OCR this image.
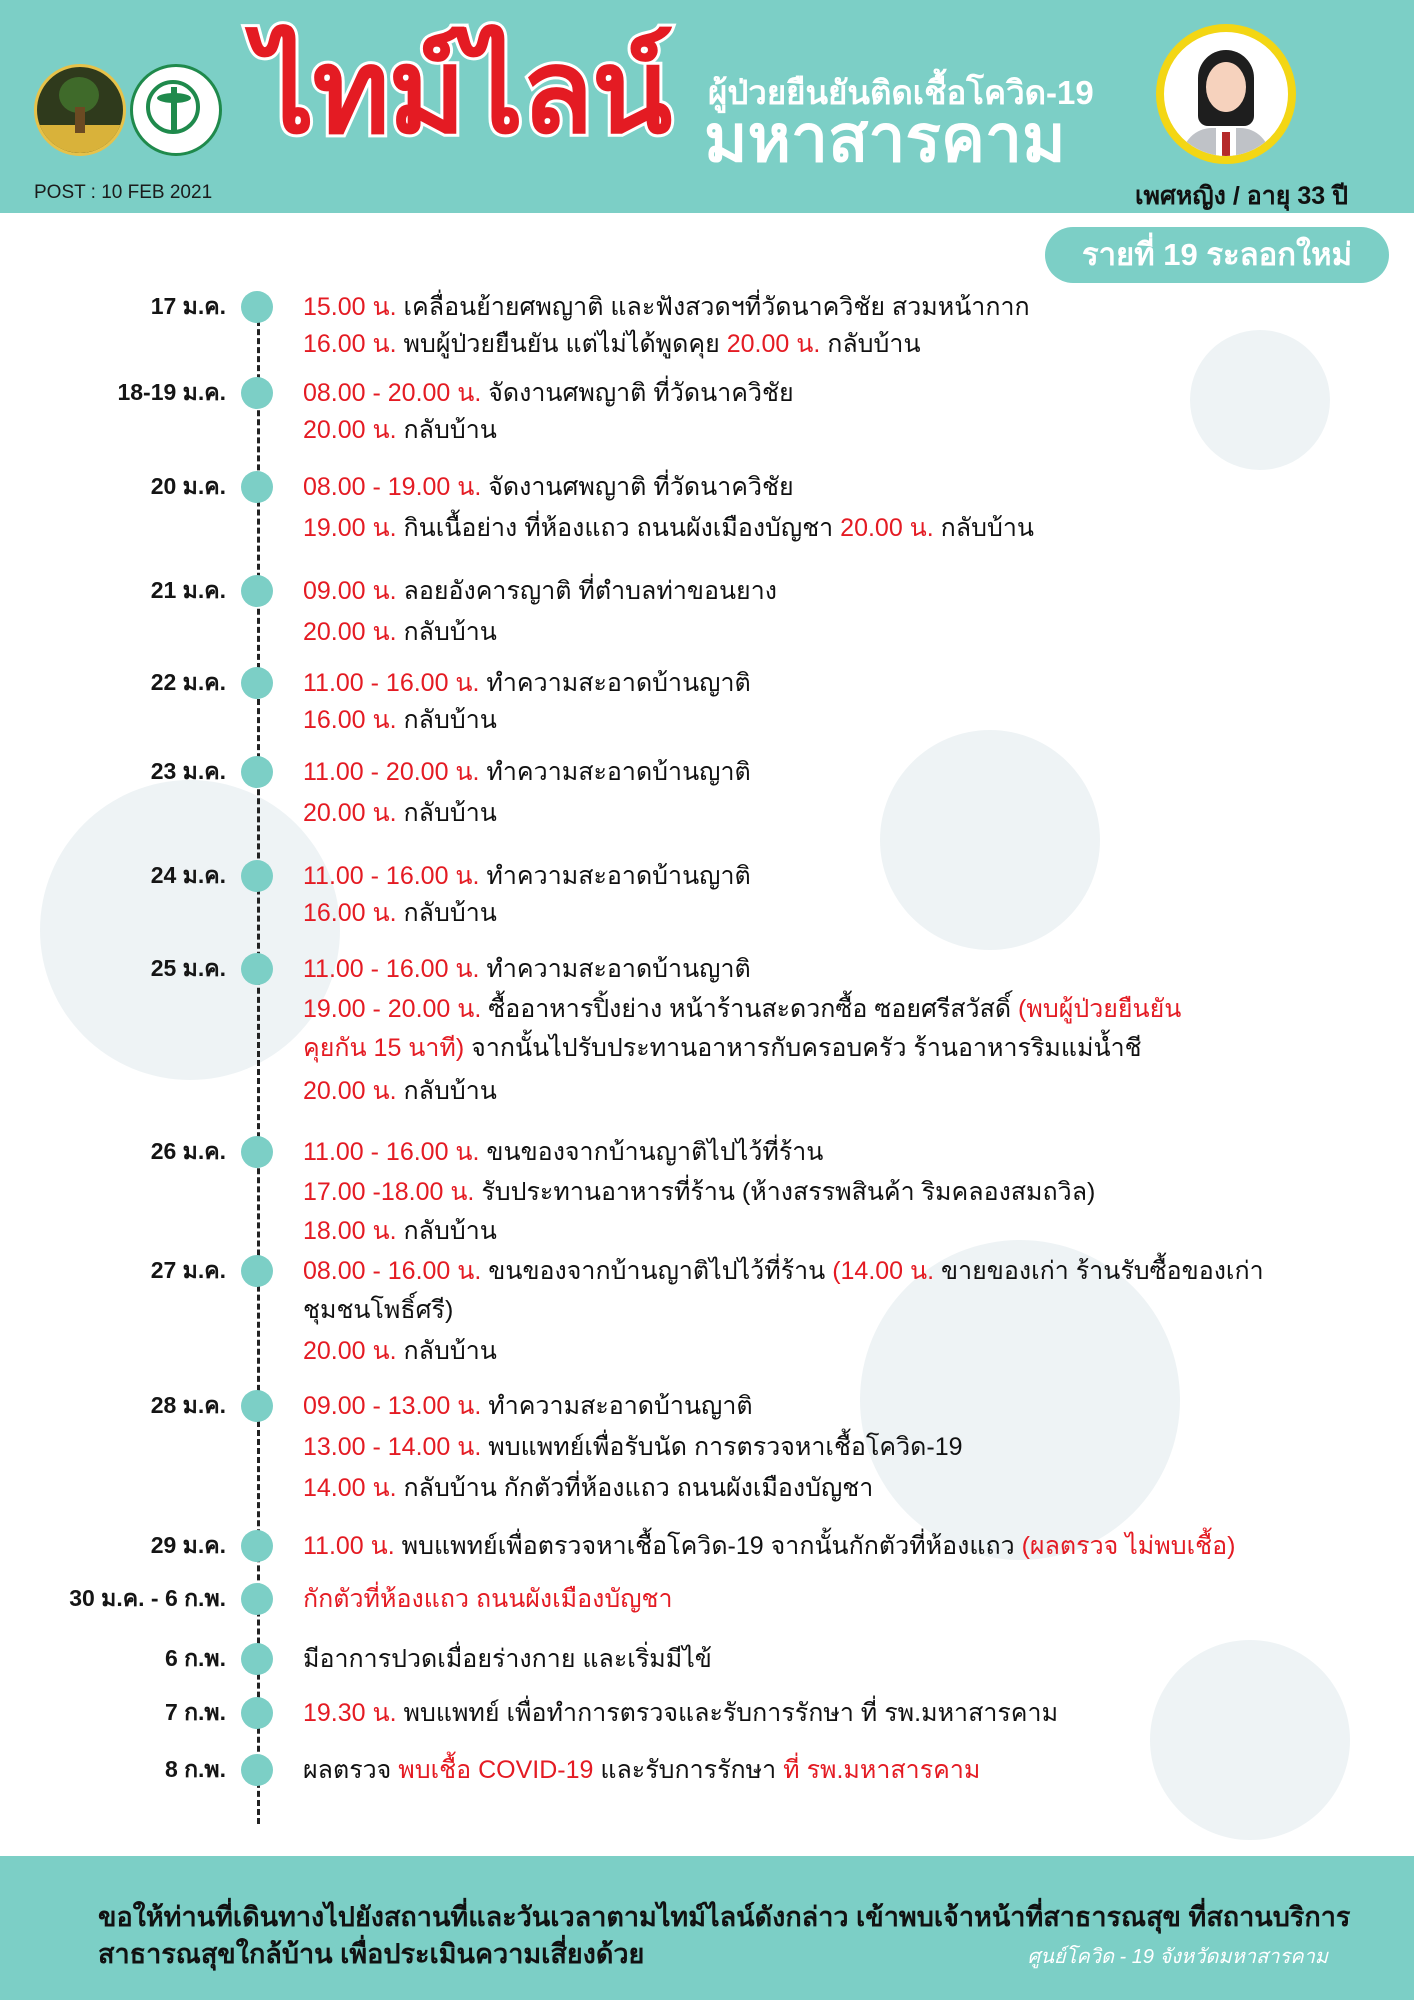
POST : 10 FEB 2021
ไทม์ไลน์ ผู้ป่วยยืนยันติดเชื้อโควิด-19
มหาสารคาม
เพศหญิง / อายุ 33 ปี
รายที่ 19 ระลอกใหม่
17 ม.ค.	15.00 น. เคลื่อนย้ายศพญาติ และฟังสวดฯที่วัดนาควิชัย สวมหน้ากาก
16.00 น. พบผู้ป่วยยืนยัน แต่ไม่ได้พูดคุย 20.00 น. กลับบ้าน
18-19 ม.ค.	08.00 - 20.00 น. จัดงานศพญาติ ที่วัดนาควิชัย
20.00 น. กลับบ้าน
20 ม.ค.	08.00 - 19.00 น. จัดงานศพญาติ ที่วัดนาควิชัย
19.00 น. กินเนื้อย่าง ที่ห้องแถว ถนนผังเมืองบัญชา 20.00 น. กลับบ้าน
21 ม.ค.	09.00 น. ลอยอังคารญาติ ที่ตำบลท่าขอนยาง
20.00 น. กลับบ้าน
22 ม.ค.	11.00 - 16.00 น. ทำความสะอาดบ้านญาติ
16.00 น. กลับบ้าน
23 ม.ค.	11.00 - 20.00 น. ทำความสะอาดบ้านญาติ
20.00 น. กลับบ้าน
24 ม.ค.	11.00 - 16.00 น. ทำความสะอาดบ้านญาติ
16.00 น. กลับบ้าน
25 ม.ค.	11.00 - 16.00 น. ทำความสะอาดบ้านญาติ
19.00 - 20.00 น. ซื้ออาหารปิ้งย่าง หน้าร้านสะดวกซื้อ ซอยศรีสวัสดิ์ (พบผู้ป่วยยืนยัน
คุยกัน 15 นาที) จากนั้นไปรับประทานอาหารกับครอบครัว ร้านอาหารริมแม่น้ำชี
20.00 น. กลับบ้าน
26 ม.ค.	11.00 - 16.00 น. ขนของจากบ้านญาติไปไว้ที่ร้าน
17.00 -18.00 น. รับประทานอาหารที่ร้าน (ห้างสรรพสินค้า ริมคลองสมถวิล)
18.00 น. กลับบ้าน
27 ม.ค.	08.00 - 16.00 น. ขนของจากบ้านญาติไปไว้ที่ร้าน (14.00 น. ขายของเก่า ร้านรับซื้อของเก่า
ชุมชนโพธิ์ศรี)
20.00 น. กลับบ้าน
28 ม.ค.	09.00 - 13.00 น. ทำความสะอาดบ้านญาติ
13.00 - 14.00 น. พบแพทย์เพื่อรับนัด การตรวจหาเชื้อโควิด-19
14.00 น. กลับบ้าน กักตัวที่ห้องแถว ถนนผังเมืองบัญชา
29 ม.ค.	11.00 น. พบแพทย์เพื่อตรวจหาเชื้อโควิด-19 จากนั้นกักตัวที่ห้องแถว (ผลตรวจ ไม่พบเชื้อ)
30 ม.ค. - 6 ก.พ.	กักตัวที่ห้องแถว ถนนผังเมืองบัญชา
6 ก.พ.	มีอาการปวดเมื่อยร่างกาย และเริ่มมีไข้
7 ก.พ.	19.30 น. พบแพทย์ เพื่อทำการตรวจและรับการรักษา ที่ รพ.มหาสารคาม
8 ก.พ.	ผลตรวจ พบเชื้อ COVID-19 และรับการรักษา ที่ รพ.มหาสารคาม
ขอให้ท่านที่เดินทางไปยังสถานที่และวันเวลาตามไทม์ไลน์ดังกล่าว เข้าพบเจ้าหน้าที่สาธารณสุข ที่สถานบริการ
สาธารณสุขใกล้บ้าน เพื่อประเมินความเสี่ยงด้วย	ศูนย์โควิด - 19 จังหวัดมหาสารคาม
